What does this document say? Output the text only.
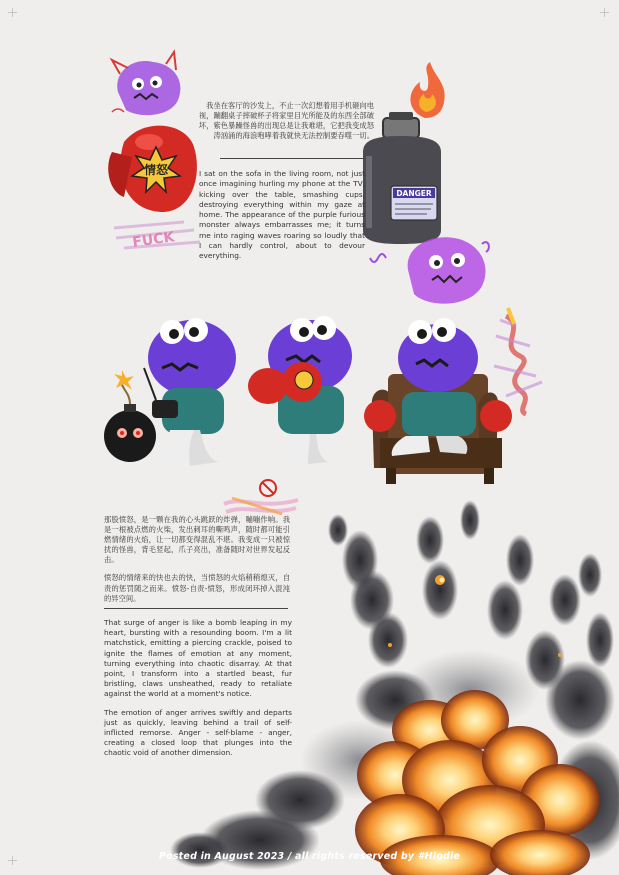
情怒
FUCK
DANGER
我坐在客厅的沙发上，不止一次幻想着用手机砸向电视，蹦翻桌子摔破杯子将家里目光所能及的东西全部破坏，紫色暴躁怪兽的出现总是让我难堪，它把我变成怒涛汹涌的海浪咆哮着我就快无法控制要吞噬一切。
I sat on the sofa in the living room, not just once imagining hurling my phone at the TV, kicking over the table, smashing cups, destroying everything within my gaze at home. The appearance of the purple furious monster always embarrasses me; it turns me into raging waves roaring so loudly that I can hardly control, about to devour everything.

那股愤怒，是一颗在我的心头跳跃的炸弹，嘣嘣作响。我是一根被点燃的火柴，发出刺耳的嘶鸣声，随时都可能引燃情绪的火焰，让一切都变得混乱不堪。我变成一只被惊扰的怪兽，背毛竖起，爪子亮出，准备随时对世界发起反击。

愤怒的情绪来的快也去的快，当愤怒的火焰稍稍熄灭，自责的惩罚随之而来。愤怒-自责-愤怒，形成闭环掉入混沌的异空间。

That surge of anger is like a bomb leaping in my heart, bursting with a resounding boom. I'm a lit matchstick, emitting a piercing crackle, poised to ignite the flames of emotion at any moment, turning everything into chaotic disarray. At that point, I transform into a startled beast, fur bristling, claws unsheathed, ready to retaliate against the world at a moment's notice.

The emotion of anger arrives swiftly and departs just as quickly, leaving behind a trail of self-inflicted remorse. Anger - self-blame - anger, creating a closed loop that plunges into the chaotic void of another dimension.

Posted in August 2023 / all rights reserved by #Hlodie
